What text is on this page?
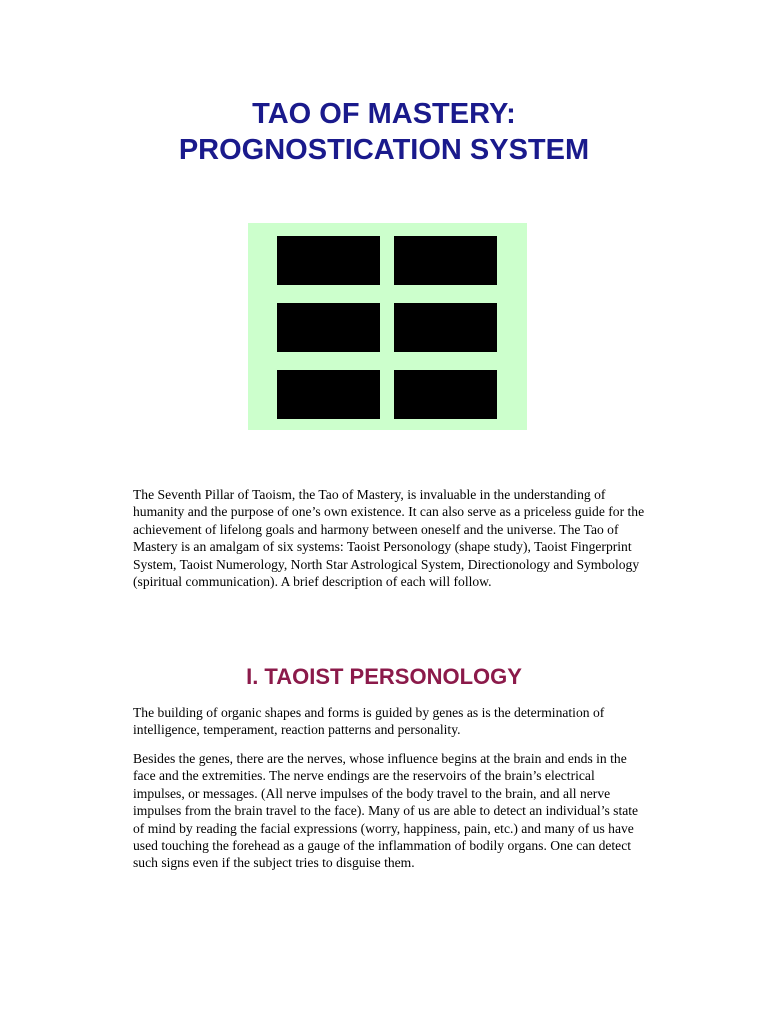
TAO OF MASTERY:
PROGNOSTICATION SYSTEM

The Seventh Pillar of Taoism, the Tao of Mastery, is invaluable in the understanding of humanity and the purpose of one’s own existence. It can also serve as a priceless guide for the achievement of lifelong goals and harmony between oneself and the universe. The Tao of Mastery is an amalgam of six systems: Taoist Personology (shape study), Taoist Fingerprint System, Taoist Numerology, North Star Astrological System, Directionology and Symbology (spiritual communication). A brief description of each will follow.

I. TAOIST PERSONOLOGY

The building of organic shapes and forms is guided by genes as is the determination of intelligence, temperament, reaction patterns and personality.

Besides the genes, there are the nerves, whose influence begins at the brain and ends in the face and the extremities. The nerve endings are the reservoirs of the brain’s electrical impulses, or messages. (All nerve impulses of the body travel to the brain, and all nerve impulses from the brain travel to the face). Many of us are able to detect an individual’s state of mind by reading the facial expressions (worry, happiness, pain, etc.) and many of us have used touching the forehead as a gauge of the inflammation of bodily organs. One can detect such signs even if the subject tries to disguise them.
